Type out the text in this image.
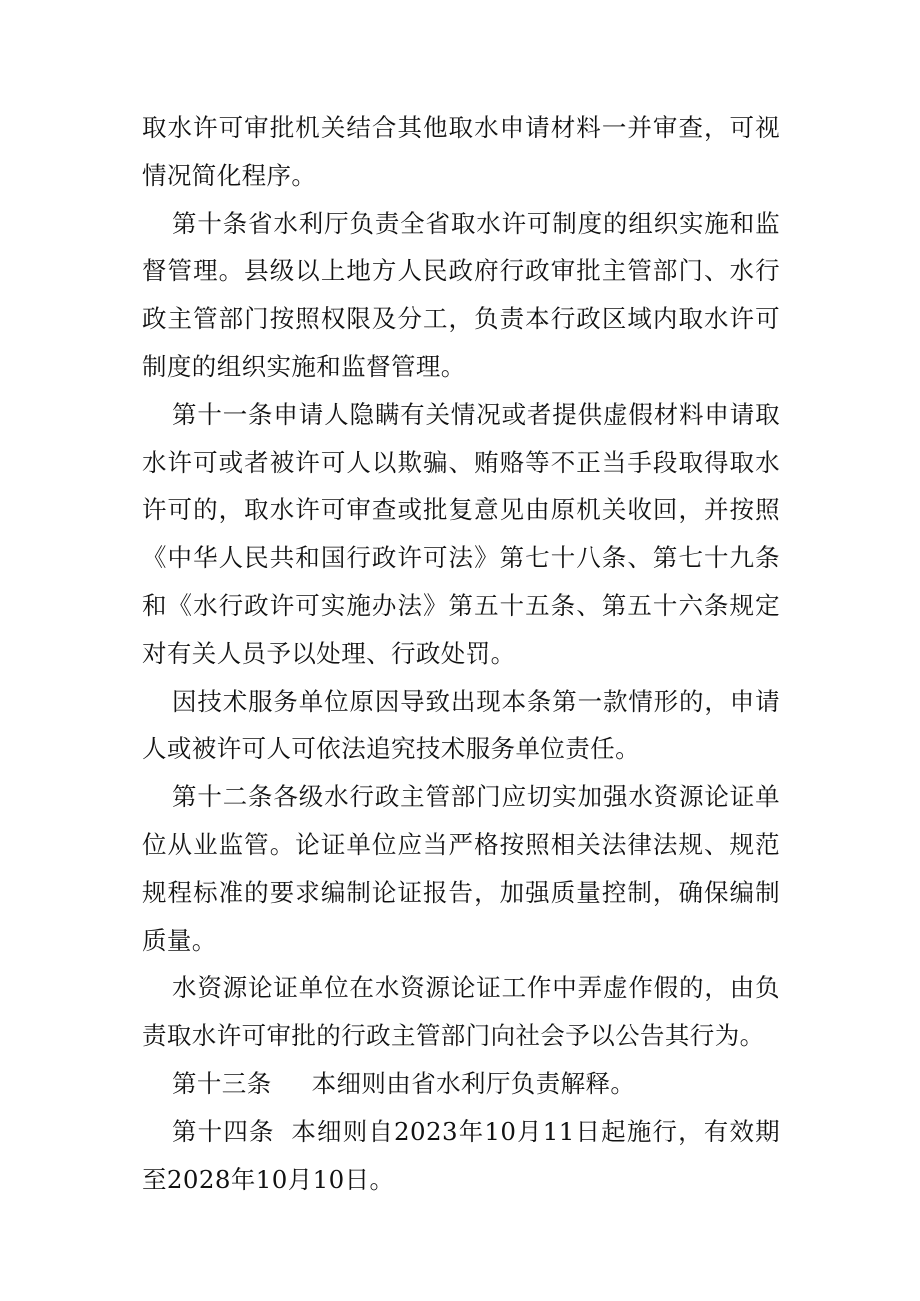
取水许可审批机关结合其他取水申请材料一并审查，可视情况简化程序。

第十条省水利厅负责全省取水许可制度的组织实施和监督管理。县级以上地方人民政府行政审批主管部门、水行政主管部门按照权限及分工，负责本行政区域内取水许可制度的组织实施和监督管理。

第十一条申请人隐瞒有关情况或者提供虚假材料申请取水许可或者被许可人以欺骗、贿赂等不正当手段取得取水许可的，取水许可审查或批复意见由原机关收回，并按照《中华人民共和国行政许可法》第七十八条、第七十九条和《水行政许可实施办法》第五十五条、第五十六条规定对有关人员予以处理、行政处罚。

因技术服务单位原因导致出现本条第一款情形的，申请人或被许可人可依法追究技术服务单位责任。

第十二条各级水行政主管部门应切实加强水资源论证单位从业监管。论证单位应当严格按照相关法律法规、规范规程标准的要求编制论证报告，加强质量控制，确保编制质量。

水资源论证单位在水资源论证工作中弄虚作假的，由负责取水许可审批的行政主管部门向社会予以公告其行为。

第十三条 本细则由省水利厅负责解释。

第十四条 本细则自2023年10月11日起施行，有效期至2028年10月10日。
